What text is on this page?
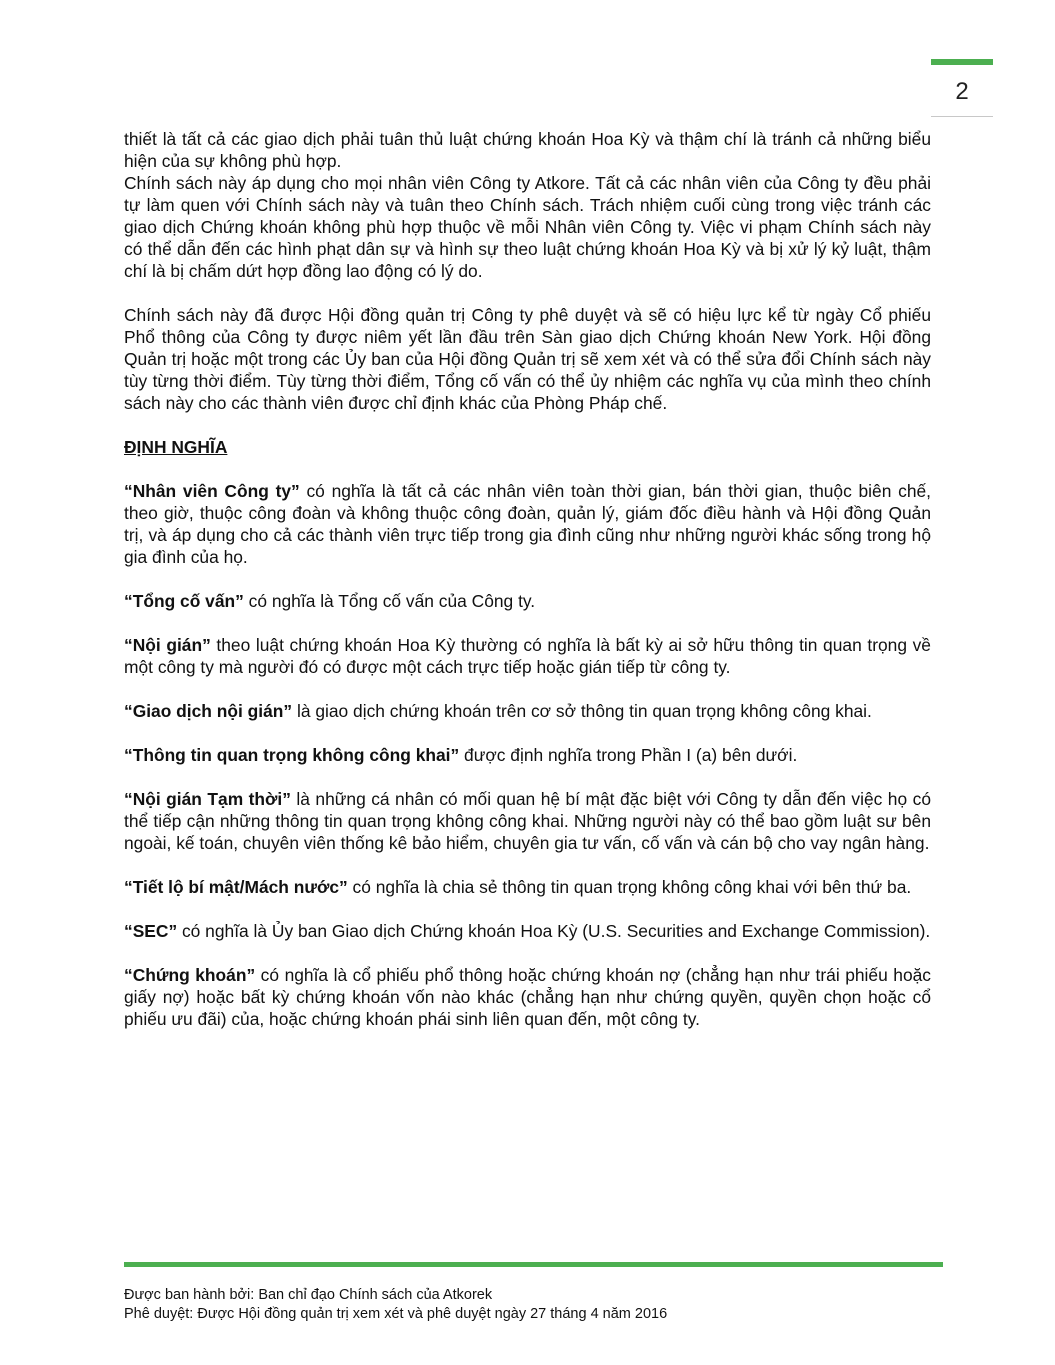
2

thiết là tất cả các giao dịch phải tuân thủ luật chứng khoán Hoa Kỳ và thậm chí là tránh cả những biểu hiện của sự không phù hợp.

Chính sách này áp dụng cho mọi nhân viên Công ty Atkore. Tất cả các nhân viên của Công ty đều phải tự làm quen với Chính sách này và tuân theo Chính sách. Trách nhiệm cuối cùng trong việc tránh các giao dịch Chứng khoán không phù hợp thuộc về mỗi Nhân viên Công ty. Việc vi phạm Chính sách này có thể dẫn đến các hình phạt dân sự và hình sự theo luật chứng khoán Hoa Kỳ và bị xử lý kỷ luật, thậm chí là bị chấm dứt hợp đồng lao động có lý do.

Chính sách này đã được Hội đồng quản trị Công ty phê duyệt và sẽ có hiệu lực kể từ ngày Cổ phiếu Phổ thông của Công ty được niêm yết lần đầu trên Sàn giao dịch Chứng khoán New York. Hội đồng Quản trị hoặc một trong các Ủy ban của Hội đồng Quản trị sẽ xem xét và có thể sửa đổi Chính sách này tùy từng thời điểm. Tùy từng thời điểm, Tổng cố vấn có thể ủy nhiệm các nghĩa vụ của mình theo chính sách này cho các thành viên được chỉ định khác của Phòng Pháp chế.

ĐỊNH NGHĨA

“Nhân viên Công ty” có nghĩa là tất cả các nhân viên toàn thời gian, bán thời gian, thuộc biên chế, theo giờ, thuộc công đoàn và không thuộc công đoàn, quản lý, giám đốc điều hành và Hội đồng Quản trị, và áp dụng cho cả các thành viên trực tiếp trong gia đình cũng như những người khác sống trong hộ gia đình của họ.

“Tổng cố vấn” có nghĩa là Tổng cố vấn của Công ty.

“Nội gián” theo luật chứng khoán Hoa Kỳ thường có nghĩa là bất kỳ ai sở hữu thông tin quan trọng về một công ty mà người đó có được một cách trực tiếp hoặc gián tiếp từ công ty.

“Giao dịch nội gián” là giao dịch chứng khoán trên cơ sở thông tin quan trọng không công khai.

“Thông tin quan trọng không công khai” được định nghĩa trong Phần I (a) bên dưới.

“Nội gián Tạm thời” là những cá nhân có mối quan hệ bí mật đặc biệt với Công ty dẫn đến việc họ có thể tiếp cận những thông tin quan trọng không công khai. Những người này có thể bao gồm luật sư bên ngoài, kế toán, chuyên viên thống kê bảo hiểm, chuyên gia tư vấn, cố vấn và cán bộ cho vay ngân hàng.

“Tiết lộ bí mật/Mách nước” có nghĩa là chia sẻ thông tin quan trọng không công khai với bên thứ ba.

“SEC” có nghĩa là Ủy ban Giao dịch Chứng khoán Hoa Kỳ (U.S. Securities and Exchange Commission).

“Chứng khoán” có nghĩa là cổ phiếu phổ thông hoặc chứng khoán nợ (chẳng hạn như trái phiếu hoặc giấy nợ) hoặc bất kỳ chứng khoán vốn nào khác (chẳng hạn như chứng quyền, quyền chọn hoặc cổ phiếu ưu đãi) của, hoặc chứng khoán phái sinh liên quan đến, một công ty.

Được ban hành bởi: Ban chỉ đạo Chính sách của Atkorek

Phê duyệt: Được Hội đồng quản trị xem xét và phê duyệt ngày 27 tháng 4 năm 2016
